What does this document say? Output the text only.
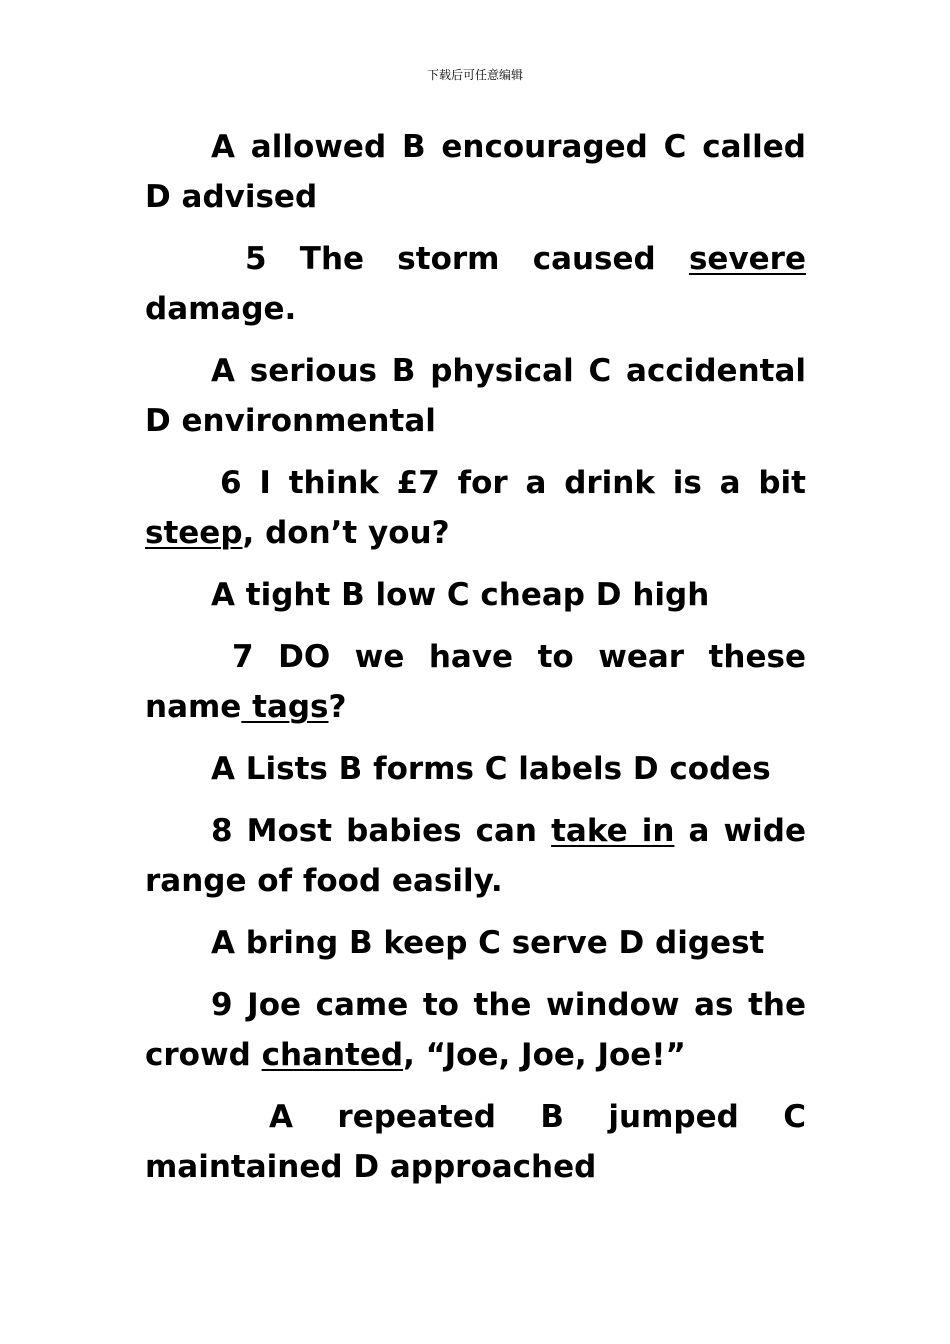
下载后可任意编辑

A allowed B encouraged C called D advised

5 The storm caused severe damage.

A serious B physical C accidental D environmental

6 I think £7 for a drink is a bit steep, don’t you?

A tight B low C cheap D high

7 DO we have to wear these name tags?

A Lists B forms C labels D codes

8 Most babies can take in a wide range of food easily.

A bring B keep C serve D digest

9 Joe came to the window as the crowd chanted, “Joe, Joe, Joe!”

A repeated B jumped C maintained D approached
